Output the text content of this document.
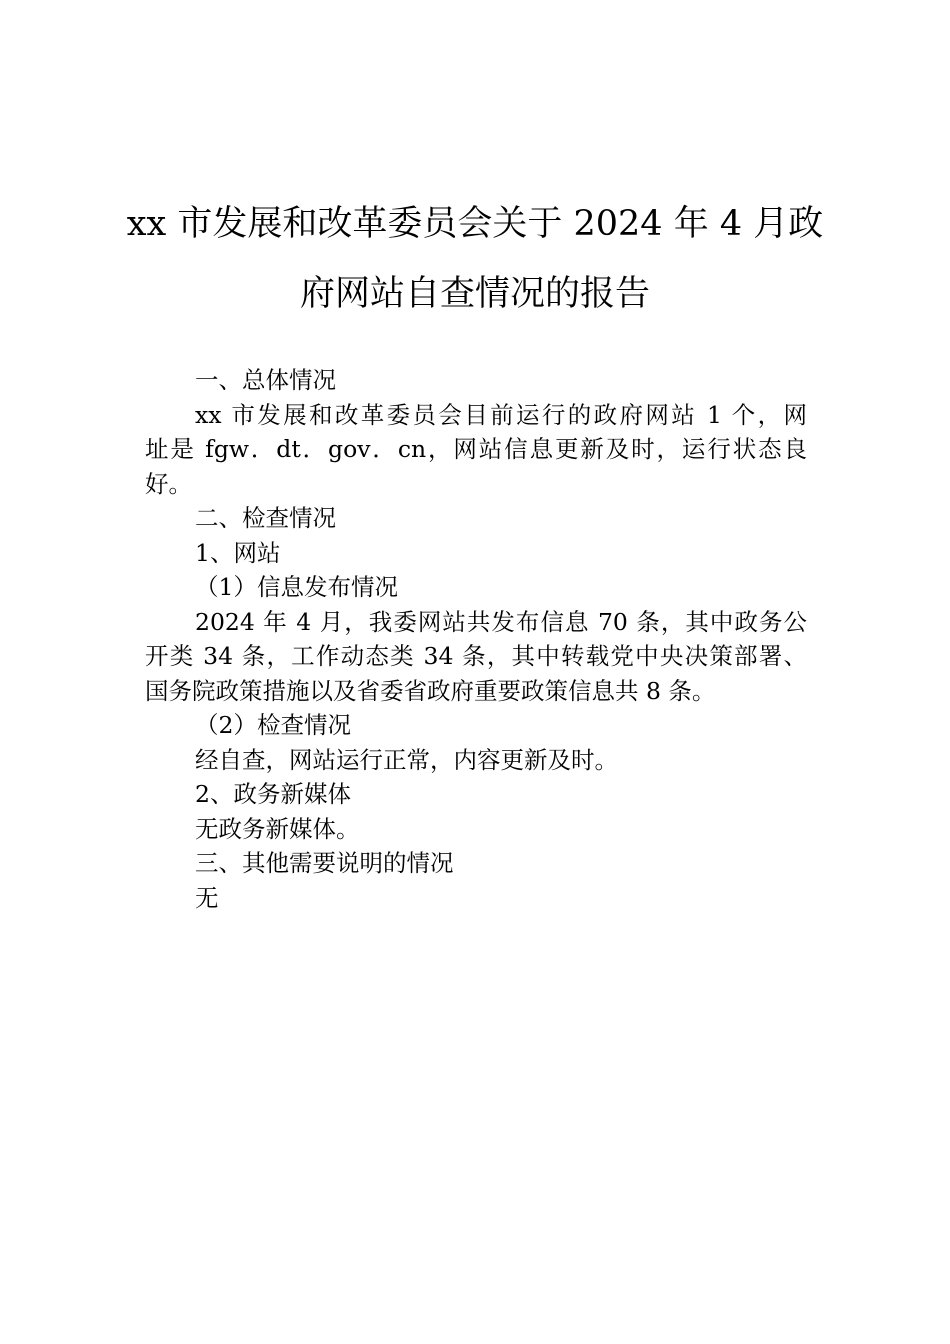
xx 市发展和改革委员会关于 2024 年 4 月政
府网站自查情况的报告

一、总体情况

xx 市发展和改革委员会目前运行的政府网站 1 个，网

址是 fgw．dt．gov．cn，网站信息更新及时，运行状态良

好。

二、检查情况

1、网站

（1）信息发布情况

2024 年 4 月，我委网站共发布信息 70 条，其中政务公

开类 34 条，工作动态类 34 条，其中转载党中央决策部署、

国务院政策措施以及省委省政府重要政策信息共 8 条。

（2）检查情况

经自查，网站运行正常，内容更新及时。

2、政务新媒体

无政务新媒体。

三、其他需要说明的情况

无
